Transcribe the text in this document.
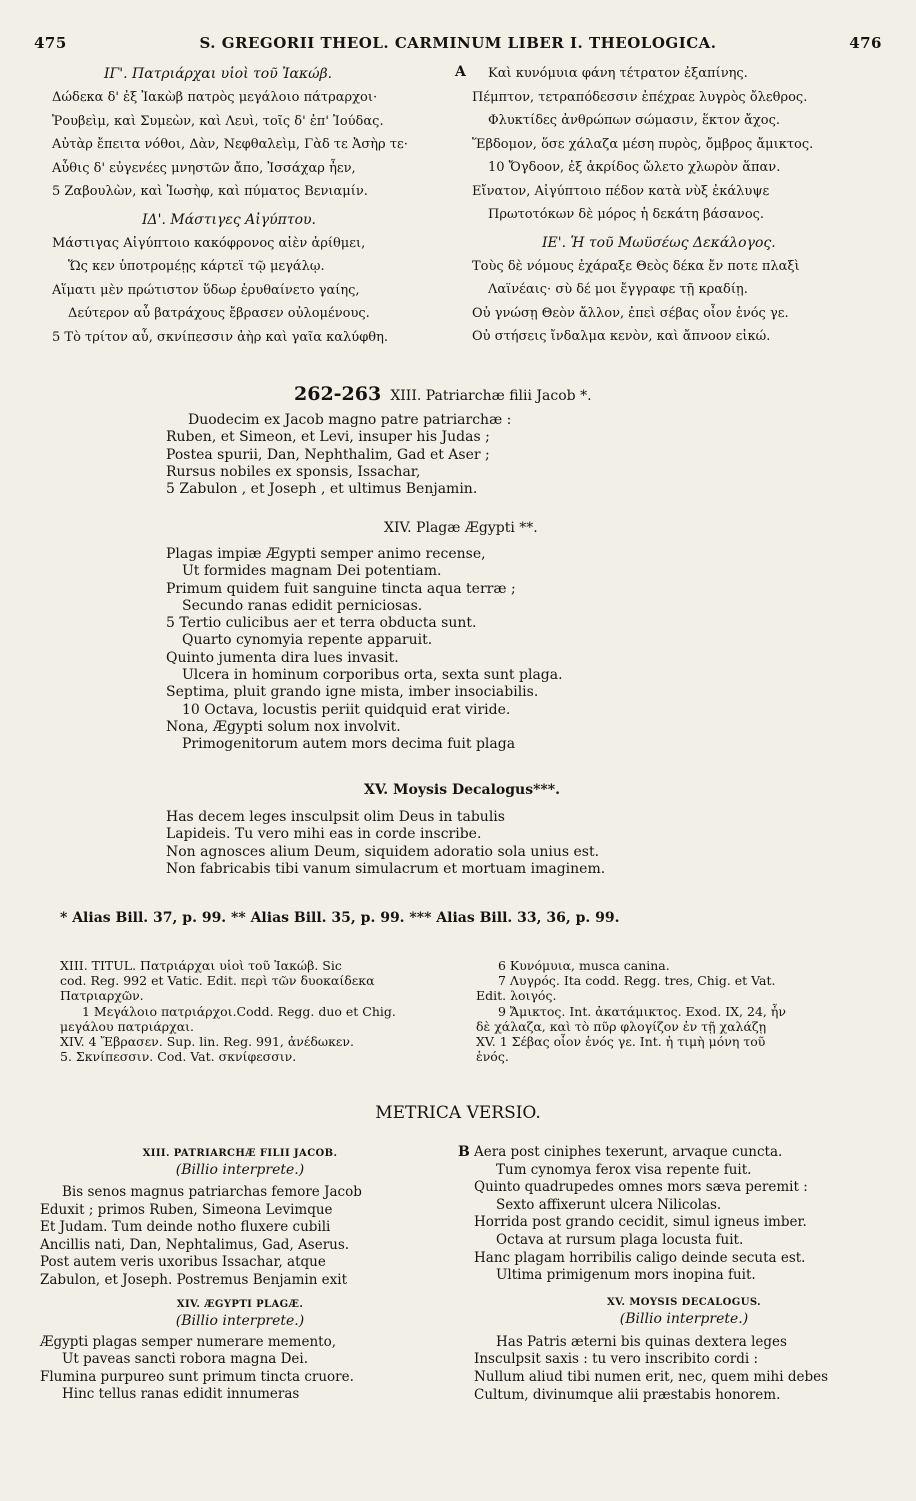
475	S. GREGORII THEOL. CARMINUM LIBER I. THEOLOGICA.	476
ΙΓ'. Πατριάρχαι υἱοὶ τοῦ Ἰακώβ.
Δώδεκα δ' ἐξ Ἰακὼβ πατρὸς μεγάλοιο πάτραρχοι·
Ῥουβεὶμ, καὶ Συμεὼν, καὶ Λευὶ, τοῖς δ' ἐπ' Ἰούδας.
Αὐτὰρ ἔπειτα νόθοι, Δὰν, Νεφθαλεὶμ, Γὰδ τε Ἀσὴρ τε·
Αὖθις δ' εὐγενέες μνηστῶν ἄπο, Ἰσσάχαρ ἦεν,
5 Ζαβουλὼν, καὶ Ἰωσὴφ, καὶ πύματος Βενιαμίν.
ΙΔ'. Μάστιγες Αἰγύπτου.
Μάστιγας Αἰγύπτοιο κακόφρονος αἰὲν ἀρίθμει,
Ὥς κεν ὑποτρομέῃς κάρτεϊ τῷ μεγάλῳ.
Αἵματι μὲν πρώτιστον ὕδωρ ἐρυθαίνετο γαίης,
Δεύτερον αὖ βατράχους ἔβρασεν οὐλομένους.
5 Τὸ τρίτον αὖ, σκνίπεσσιν ἀὴρ καὶ γαῖα καλύφθη.
A	Καὶ κυνόμυια φάνη τέτρατον ἐξαπίνης.
Πέμπτον, τετραπόδεσσιν ἐπέχραε λυγρὸς ὄλεθρος.
Φλυκτίδες ἀνθρώπων σώμασιν, ἕκτον ἄχος.
Ἕβδομον, ὅσε χάλαζα μέση πυρὸς, ὄμβρος ἄμικτος.
10 Ὄγδοον, ἐξ ἀκρίδος ὤλετο χλωρὸν ἅπαν.
Εἴνατον, Αἰγύπτοιο πέδον κατὰ νὺξ ἐκάλυψε
Πρωτοτόκων δὲ μόρος ἡ δεκάτη βάσανος.
ΙΕ'. Ἡ τοῦ Μωϋσέως Δεκάλογος.
Τοὺς δὲ νόμους ἐχάραξε Θεὸς δέκα ἔν ποτε πλαξὶ
Λαϊνέαις· σὺ δέ μοι ἔγγραφε τῇ κραδίῃ.
Οὐ γνώσῃ Θεὸν ἄλλον, ἐπεὶ σέβας οἶον ἑνός γε.
Οὐ στήσεις ἴνδαλμα κενὸν, καὶ ἄπνοον εἰκώ.
262-263 XIII. Patriarchæ filii Jacob *.
Duodecim ex Jacob magno patre patriarchæ :
Ruben, et Simeon, et Levi, insuper his Judas ;
Postea spurii, Dan, Nephthalim, Gad et Aser ;
Rursus nobiles ex sponsis, Issachar,
5 Zabulon , et Joseph , et ultimus Benjamin.
XIV. Plagæ Ægypti **.
Plagas impiæ Ægypti semper animo recense,
Ut formides magnam Dei potentiam.
Primum quidem fuit sanguine tincta aqua terræ ;
Secundo ranas edidit perniciosas.
5 Tertio culicibus aer et terra obducta sunt.
Quarto cynomyia repente apparuit.
Quinto jumenta dira lues invasit.
Ulcera in hominum corporibus orta, sexta sunt plaga.
Septima, pluit grando igne mista, imber insociabilis.
10 Octava, locustis periit quidquid erat viride.
Nona, Ægypti solum nox involvit.
Primogenitorum autem mors decima fuit plaga
XV. Moysis Decalogus***.
Has decem leges insculpsit olim Deus in tabulis
Lapideis. Tu vero mihi eas in corde inscribe.
Non agnosces alium Deum, siquidem adoratio sola unius est.
Non fabricabis tibi vanum simulacrum et mortuam imaginem.
* Alias Bill. 37, p. 99. ** Alias Bill. 35, p. 99. *** Alias Bill. 33, 36, p. 99.
XIII. TITUL. Πατριάρχαι υἱοὶ τοῦ Ἰακώβ. Sic
cod. Reg. 992 et Vatic. Edit. περὶ τῶν δυοκαίδεκα
Πατριαρχῶν.
1 Μεγάλοιο πατριάρχοι.Codd. Regg. duo et Chig.
μεγάλου πατριάρχαι.
XIV. 4 Ἔβρασεν. Sup. lin. Reg. 991, ἀνέδωκεν.
5. Σκνίπεσσιν. Cod. Vat. σκνίφεσσιν.
6 Κυνόμυια, musca canina.
7 Λυγρός. Ita codd. Regg. tres, Chig. et Vat.
Edit. λοιγός.
9 Ἄμικτος. Int. ἀκατάμικτος. Exod. IX, 24, ἦν
δὲ χάλαζα, καὶ τὸ πῦρ φλογίζον ἐν τῇ χαλάζῃ
XV. 1 Σέβας οἷον ἑνός γε. Int. ἡ τιμὴ μόνη τοῦ
ἑνός.
METRICA VERSIO.
XIII. PATRIARCHÆ FILII JACOB.
(Billio interprete.)
Bis senos magnus patriarchas femore Jacob
Eduxit ; primos Ruben, Simeona Levimque
Et Judam. Tum deinde notho fluxere cubili
Ancillis nati, Dan, Nephtalimus, Gad, Aserus.
Post autem veris uxoribus Issachar, atque
Zabulon, et Joseph. Postremus Benjamin exit
XIV. ÆGYPTI PLAGÆ.
(Billio interprete.)
Ægypti plagas semper numerare memento,
Ut paveas sancti robora magna Dei.
Flumina purpureo sunt primum tincta cruore.
Hinc tellus ranas edidit innumeras
B Aera post ciniphes texerunt, arvaque cuncta.
Tum cynomya ferox visa repente fuit.
Quinto quadrupedes omnes mors sæva peremit :
Sexto affixerunt ulcera Nilicolas.
Horrida post grando cecidit, simul igneus imber.
Octava at rursum plaga locusta fuit.
Hanc plagam horribilis caligo deinde secuta est.
Ultima primigenum mors inopina fuit.
XV. MOYSIS DECALOGUS.
(Billio interprete.)
Has Patris æterni bis quinas dextera leges
Insculpsit saxis : tu vero inscribito cordi :
Nullum aliud tibi numen erit, nec, quem mihi debes
Cultum, divinumque alii præstabis honorem.
